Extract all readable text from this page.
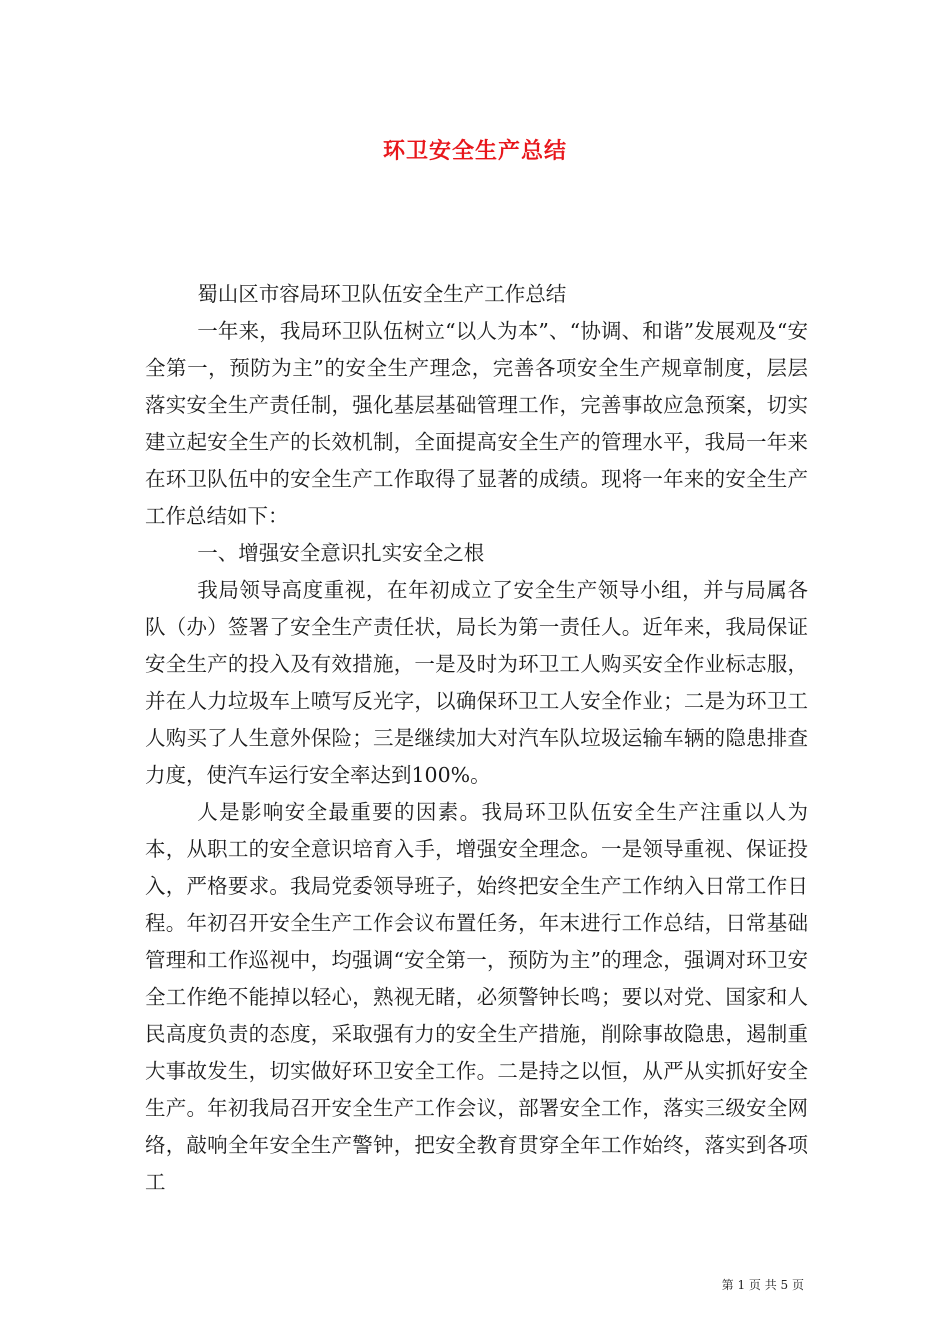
环卫安全生产总结

蜀山区市容局环卫队伍安全生产工作总结

一年来，我局环卫队伍树立“以人为本”、“协调、和谐”发展观及“安全第一，预防为主”的安全生产理念，完善各项安全生产规章制度，层层落实安全生产责任制，强化基层基础管理工作，完善事故应急预案，切实建立起安全生产的长效机制，全面提高安全生产的管理水平，我局一年来在环卫队伍中的安全生产工作取得了显著的成绩。现将一年来的安全生产工作总结如下：

一、增强安全意识扎实安全之根

我局领导高度重视，在年初成立了安全生产领导小组，并与局属各队（办）签署了安全生产责任状，局长为第一责任人。近年来，我局保证安全生产的投入及有效措施，一是及时为环卫工人购买安全作业标志服，并在人力垃圾车上喷写反光字，以确保环卫工人安全作业；二是为环卫工人购买了人生意外保险；三是继续加大对汽车队垃圾运输车辆的隐患排查力度，使汽车运行安全率达到100%。

人是影响安全最重要的因素。我局环卫队伍安全生产注重以人为本，从职工的安全意识培育入手，增强安全理念。一是领导重视、保证投入，严格要求。我局党委领导班子，始终把安全生产工作纳入日常工作日程。年初召开安全生产工作会议布置任务，年末进行工作总结，日常基础管理和工作巡视中，均强调“安全第一，预防为主”的理念，强调对环卫安全工作绝不能掉以轻心，熟视无睹，必须警钟长鸣；要以对党、国家和人民高度负责的态度，采取强有力的安全生产措施，削除事故隐患，遏制重大事故发生，切实做好环卫安全工作。二是持之以恒，从严从实抓好安全生产。年初我局召开安全生产工作会议，部署安全工作，落实三级安全网络，敲响全年安全生产警钟，把安全教育贯穿全年工作始终，落实到各项工

第 1 页 共 5 页
